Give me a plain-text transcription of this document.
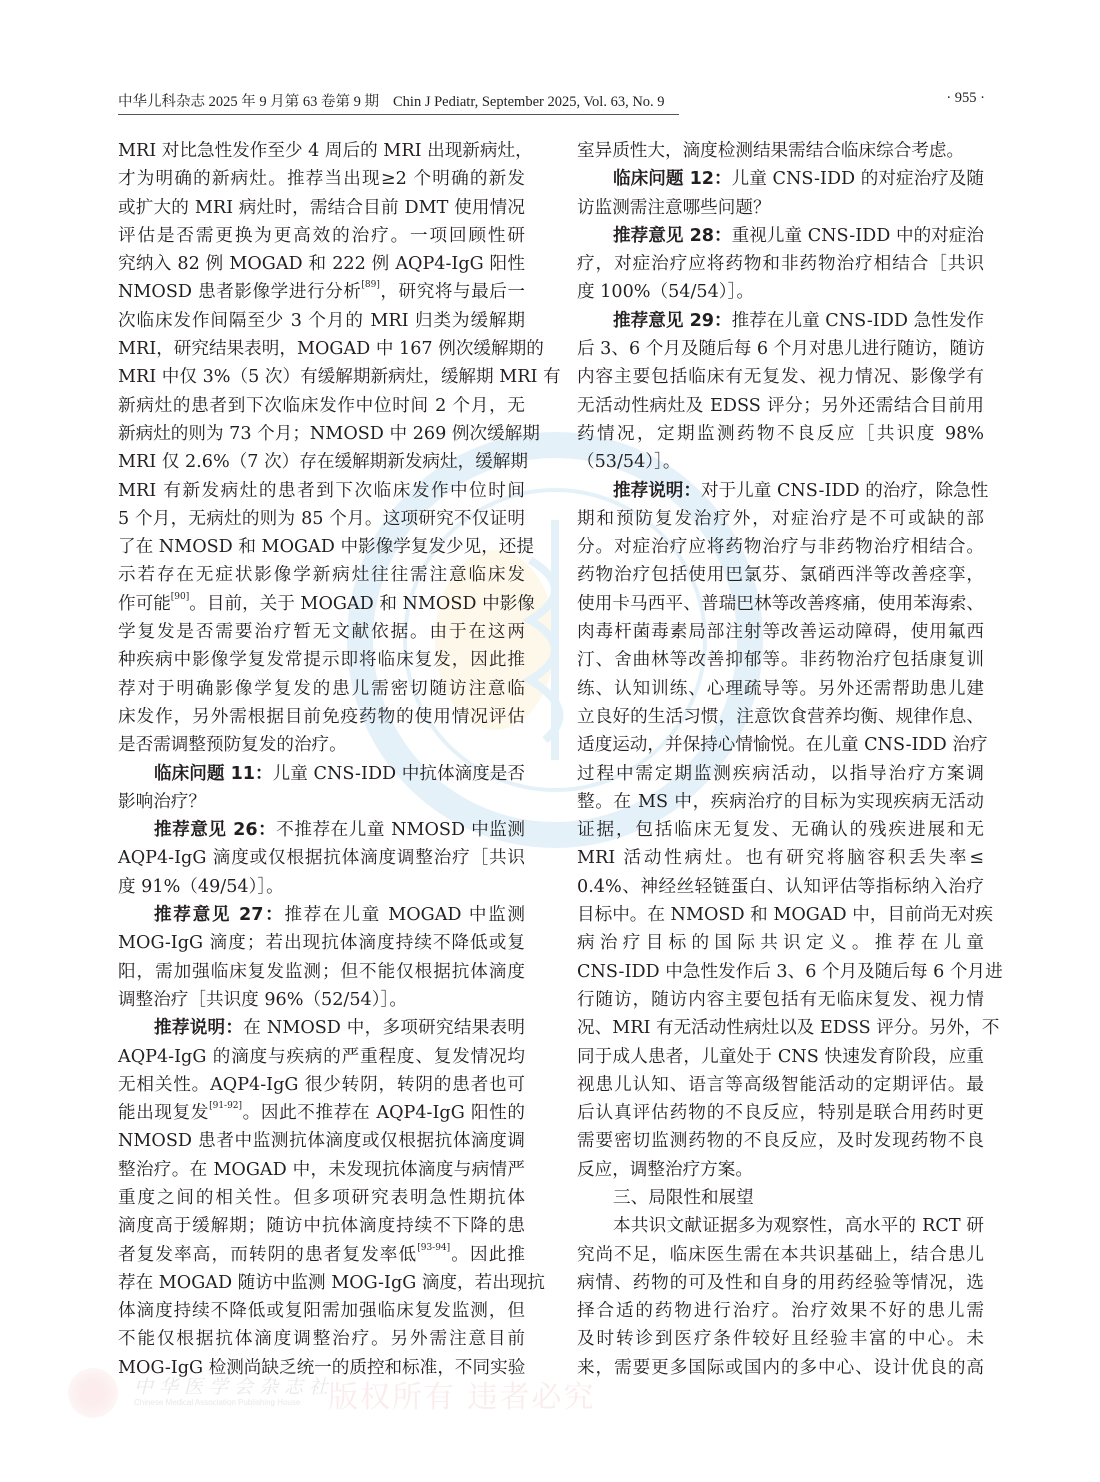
中华儿科杂志 2025 年 9 月第 63 卷第 9 期 Chin J Pediatr, September 2025, Vol. 63, No. 9	· 955 ·
MRI 对比急性发作至少 4 周后的 MRI 出现新病灶，
才为明确的新病灶。推荐当出现≥2 个明确的新发
或扩大的 MRI 病灶时，需结合目前 DMT 使用情况
评估是否需更换为更高效的治疗。一项回顾性研
究纳入 82 例 MOGAD 和 222 例 AQP4-IgG 阳性
NMOSD 患者影像学进行分析[89]，研究将与最后一
次临床发作间隔至少 3 个月的 MRI 归类为缓解期
MRI，研究结果表明，MOGAD 中 167 例次缓解期的
MRI 中仅 3%（5 次）有缓解期新病灶，缓解期 MRI 有
新病灶的患者到下次临床发作中位时间 2 个月，无
新病灶的则为 73 个月；NMOSD 中 269 例次缓解期
MRI 仅 2.6%（7 次）存在缓解期新发病灶，缓解期
MRI 有新发病灶的患者到下次临床发作中位时间
5 个月，无病灶的则为 85 个月。这项研究不仅证明
了在 NMOSD 和 MOGAD 中影像学复发少见，还提
示若存在无症状影像学新病灶往往需注意临床发
作可能[90]。目前，关于 MOGAD 和 NMOSD 中影像
学复发是否需要治疗暂无文献依据。由于在这两
种疾病中影像学复发常提示即将临床复发，因此推
荐对于明确影像学复发的患儿需密切随访注意临
床发作，另外需根据目前免疫药物的使用情况评估
是否需调整预防复发的治疗。
临床问题 11：儿童 CNS-IDD 中抗体滴度是否
影响治疗？
推荐意见 26：不推荐在儿童 NMOSD 中监测
AQP4-IgG 滴度或仅根据抗体滴度调整治疗［共识
度 91%（49/54）］。
推荐意见 27：推荐在儿童 MOGAD 中监测
MOG-IgG 滴度；若出现抗体滴度持续不降低或复
阳，需加强临床复发监测；但不能仅根据抗体滴度
调整治疗［共识度 96%（52/54）］。
推荐说明：在 NMOSD 中，多项研究结果表明
AQP4-IgG 的滴度与疾病的严重程度、复发情况均
无相关性。AQP4-IgG 很少转阴，转阴的患者也可
能出现复发[91-92]。因此不推荐在 AQP4-IgG 阳性的
NMOSD 患者中监测抗体滴度或仅根据抗体滴度调
整治疗。在 MOGAD 中，未发现抗体滴度与病情严
重度之间的相关性。但多项研究表明急性期抗体
滴度高于缓解期；随访中抗体滴度持续不下降的患
者复发率高，而转阴的患者复发率低[93-94]。因此推
荐在 MOGAD 随访中监测 MOG-IgG 滴度，若出现抗
体滴度持续不降低或复阳需加强临床复发监测，但
不能仅根据抗体滴度调整治疗。另外需注意目前
MOG-IgG 检测尚缺乏统一的质控和标准，不同实验
室异质性大，滴度检测结果需结合临床综合考虑。
临床问题 12：儿童 CNS-IDD 的对症治疗及随
访监测需注意哪些问题？
推荐意见 28：重视儿童 CNS-IDD 中的对症治
疗，对症治疗应将药物和非药物治疗相结合［共识
度 100%（54/54）］。
推荐意见 29：推荐在儿童 CNS-IDD 急性发作
后 3、6 个月及随后每 6 个月对患儿进行随访，随访
内容主要包括临床有无复发、视力情况、影像学有
无活动性病灶及 EDSS 评分；另外还需结合目前用
药情况，定期监测药物不良反应［共识度 98%
（53/54）］。
推荐说明：对于儿童 CNS-IDD 的治疗，除急性
期和预防复发治疗外，对症治疗是不可或缺的部
分。对症治疗应将药物治疗与非药物治疗相结合。
药物治疗包括使用巴氯芬、氯硝西泮等改善痉挛，
使用卡马西平、普瑞巴林等改善疼痛，使用苯海索、
肉毒杆菌毒素局部注射等改善运动障碍，使用氟西
汀、舍曲林等改善抑郁等。非药物治疗包括康复训
练、认知训练、心理疏导等。另外还需帮助患儿建
立良好的生活习惯，注意饮食营养均衡、规律作息、
适度运动，并保持心情愉悦。在儿童 CNS-IDD 治疗
过程中需定期监测疾病活动，以指导治疗方案调
整。在 MS 中，疾病治疗的目标为实现疾病无活动
证据，包括临床无复发、无确认的残疾进展和无
MRI 活动性病灶。也有研究将脑容积丢失率≤
0.4%、神经丝轻链蛋白、认知评估等指标纳入治疗
目标中。在 NMOSD 和 MOGAD 中，目前尚无对疾
病治疗目标的国际共识定义。推荐在儿童
CNS-IDD 中急性发作后 3、6 个月及随后每 6 个月进
行随访，随访内容主要包括有无临床复发、视力情
况、MRI 有无活动性病灶以及 EDSS 评分。另外，不
同于成人患者，儿童处于 CNS 快速发育阶段，应重
视患儿认知、语言等高级智能活动的定期评估。最
后认真评估药物的不良反应，特别是联合用药时更
需要密切监测药物的不良反应，及时发现药物不良
反应，调整治疗方案。
三、局限性和展望
本共识文献证据多为观察性，高水平的 RCT 研
究尚不足，临床医生需在本共识基础上，结合患儿
病情、药物的可及性和自身的用药经验等情况，选
择合适的药物进行治疗。治疗效果不好的患儿需
及时转诊到医疗条件较好且经验丰富的中心。未
来，需要更多国际或国内的多中心、设计优良的高
中华医学会杂志社
Chinese Medical Association Publishing House 版权所有 违者必究
